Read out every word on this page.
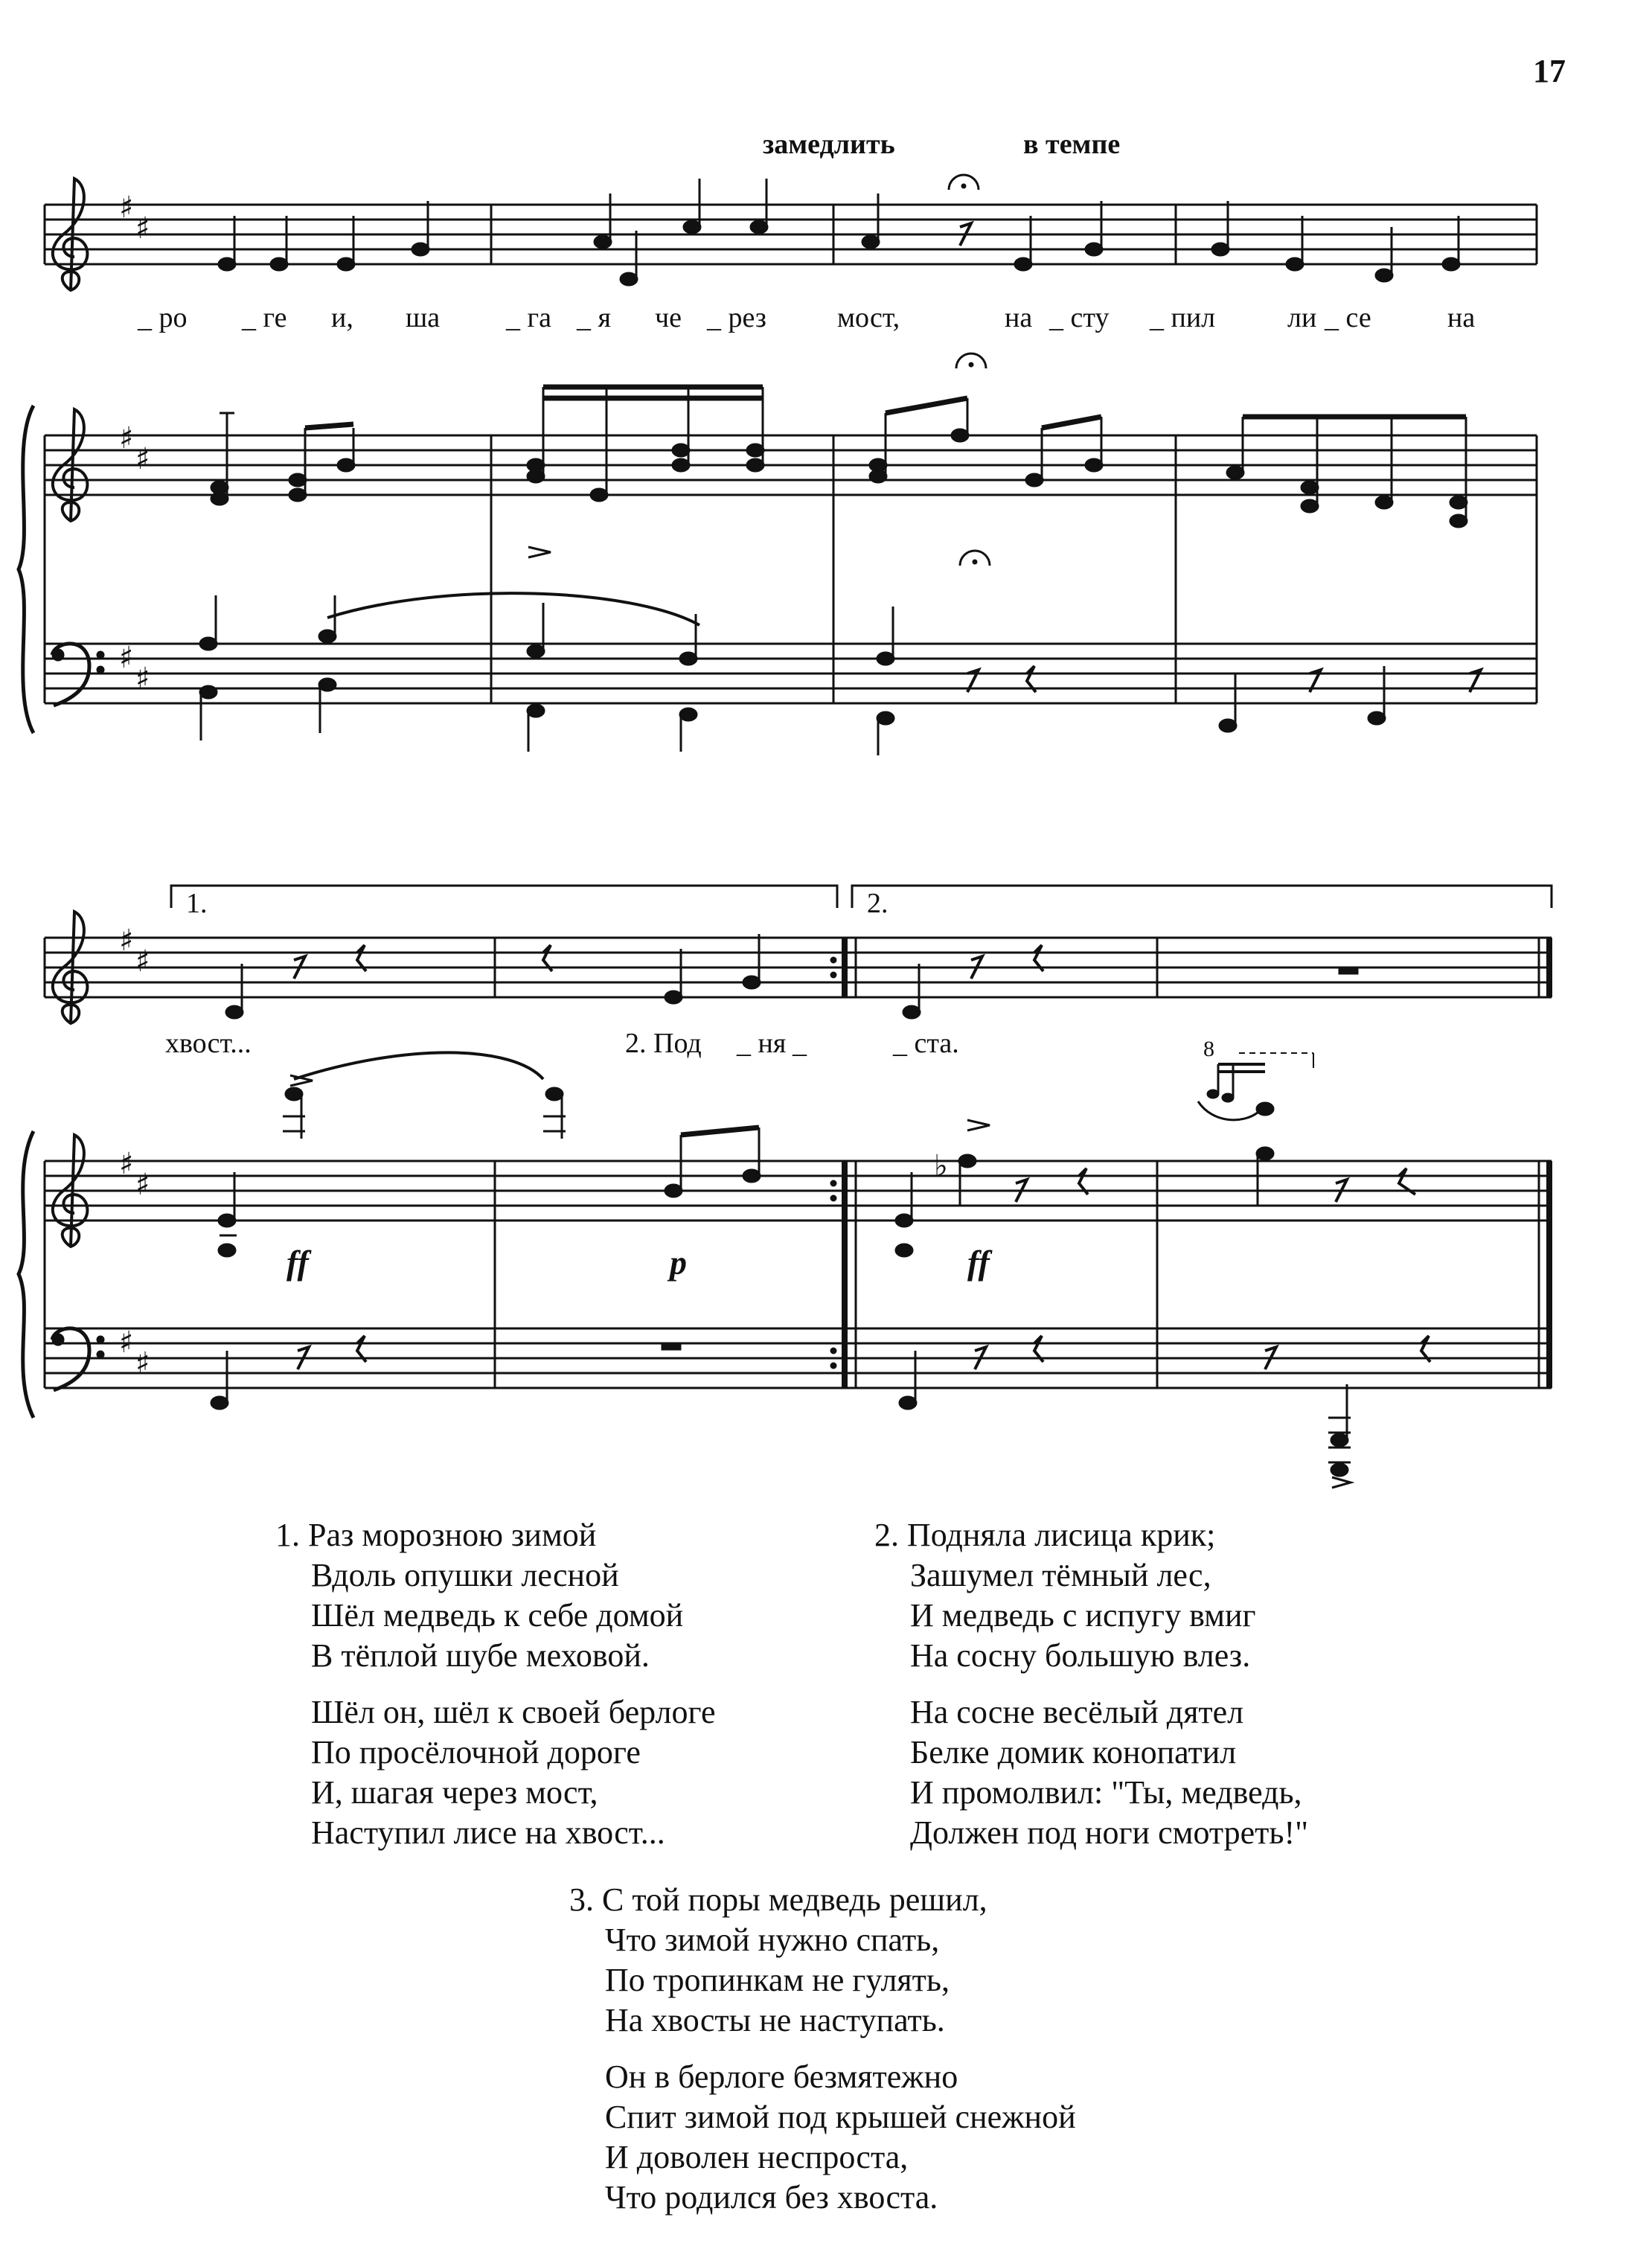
♯
♯
♯
♯
♯
♯
♯
♯
♯
♯
♯
♯
♭
17
замедлить	в темпе
_ ро _ ге и, ша _ га _ я че _ рез	мост,	на _ сту _ пил	ли _ се	на
1.	2.
хвост...	2. Под _ ня _	_ ста.	8
ff	p	ff
1. Раз морозною зимой
Вдоль опушки лесной
Шёл медведь к себе домой
В тёплой шубе меховой.
Шёл он, шёл к своей берлоге
По просёлочной дороге
И, шагая через мост,
Наступил лисе на хвост...
2. Подняла лисица крик;
Зашумел тёмный лес,
И медведь с испугу вмиг
На сосну большую влез.
На сосне весёлый дятел
Белке домик конопатил
И промолвил: "Ты, медведь,
Должен под ноги смотреть!"
3. С той поры медведь решил,
Что зимой нужно спать,
По тропинкам не гулять,
На хвосты не наступать.
Он в берлоге безмятежно
Спит зимой под крышей снежной
И доволен неспроста,
Что родился без хвоста.
